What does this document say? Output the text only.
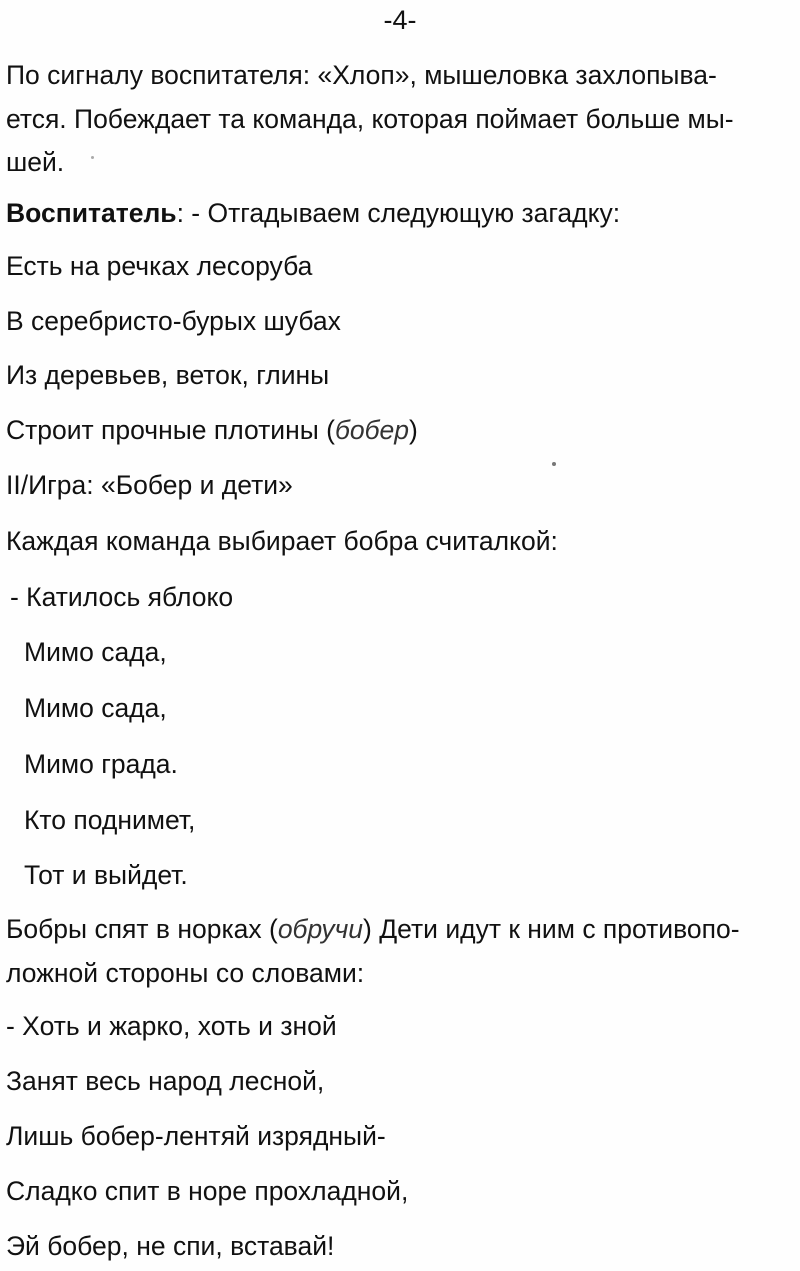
-4-
По сигналу воспитателя: «Хлоп», мышеловка захлопыва-
ется. Побеждает та команда, которая поймает больше мы-
шей.
Воспитатель: - Отгадываем следующую загадку:
Есть на речках лесоруба
В серебристо-бурых шубах
Из деревьев, веток, глины
Строит прочные плотины (бобер)
II/Игра: «Бобер и дети»
Каждая команда выбирает бобра считалкой:
- Катилось яблоко
Мимо сада,
Мимо сада,
Мимо града.
Кто поднимет,
Тот и выйдет.
Бобры спят в норках (обручи) Дети идут к ним с противопо-
ложной стороны со словами:
- Хоть и жарко, хоть и зной
Занят весь народ лесной,
Лишь бобер-лентяй изрядный-
Сладко спит в норе прохладной,
Эй бобер, не спи, вставай!
